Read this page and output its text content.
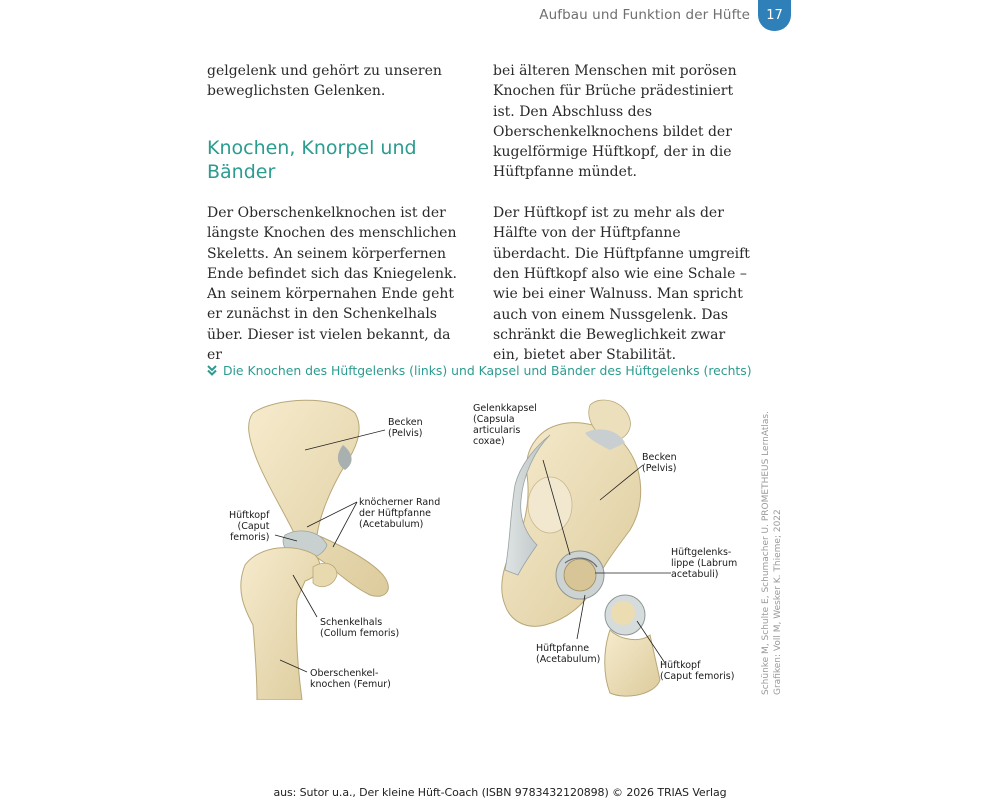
Aufbau und Funktion der Hüfte	17

gelgelenk und gehört zu unseren beweglichsten Gelenken.

Knochen, Knorpel und Bänder

Der Oberschenkelknochen ist der längste Knochen des menschlichen Skeletts. An seinem körperfernen Ende befindet sich das Kniegelenk. An seinem körpernahen Ende geht er zunächst in den Schenkelhals über. Dieser ist vielen bekannt, da er

bei älteren Menschen mit porösen Knochen für Brüche prädestiniert ist. Den Abschluss des Oberschenkelknochens bildet der kugelförmige Hüftkopf, der in die Hüftpfanne mündet.

Der Hüftkopf ist zu mehr als der Hälfte von der Hüftpfanne überdacht. Die Hüftpfanne umgreift den Hüftkopf also wie eine Schale – wie bei einer Walnuss. Man spricht auch von einem Nussgelenk. Das schränkt die Beweglichkeit zwar ein, bietet aber Stabilität.

Die Knochen des Hüftgelenks (links) und Kapsel und Bänder des Hüftgelenks (rechts)
Becken
(Pelvis)
knöcherner Rand
der Hüftpfanne
(Acetabulum)
Hüftkopf
(Caput
femoris)
Schenkelhals
(Collum femoris)
Oberschenkel-
knochen (Femur)
Gelenkkapsel
(Capsula
articularis
coxae)
Becken
(Pelvis)
Hüftgelenks-
lippe (Labrum
acetabuli)
Hüftpfanne
(Acetabulum)
Hüftkopf
(Caput femoris)	Schünke M, Schulte E, Schumacher U. PROMETHEUS LernAtlas. Grafiken: Voll M, Wesker K. Thieme; 2022
aus: Sutor u.a., Der kleine Hüft-Coach (ISBN 9783432120898) © 2026 TRIAS Verlag
